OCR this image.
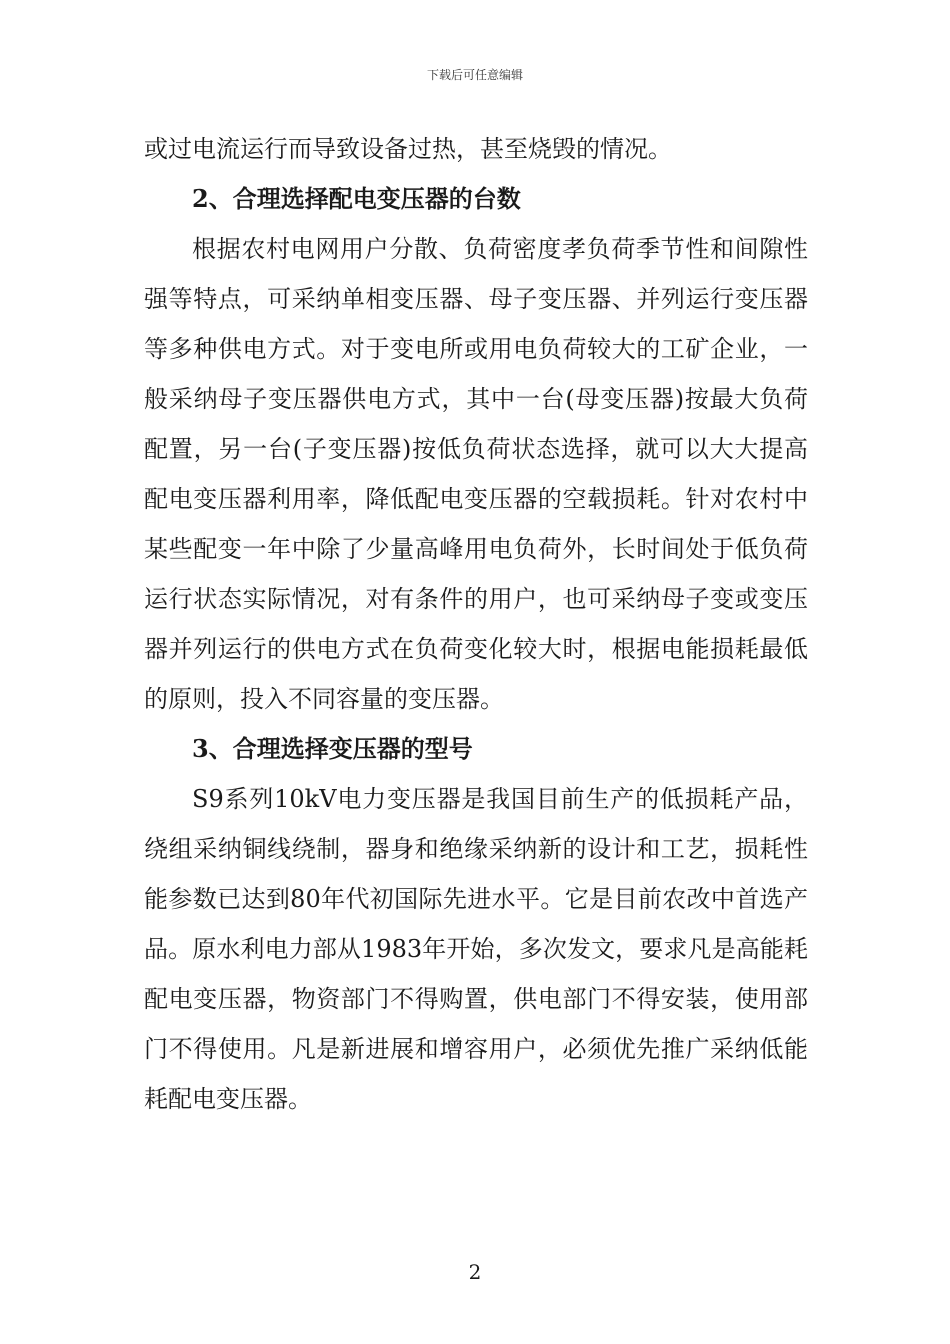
下载后可任意编辑

或过电流运行而导致设备过热，甚至烧毁的情况。

2、合理选择配电变压器的台数

根据农村电网用户分散、负荷密度孝负荷季节性和间隙性强等特点，可采纳单相变压器、母子变压器、并列运行变压器等多种供电方式。对于变电所或用电负荷较大的工矿企业，一般采纳母子变压器供电方式，其中一台(母变压器)按最大负荷配置，另一台(子变压器)按低负荷状态选择，就可以大大提高配电变压器利用率，降低配电变压器的空载损耗。针对农村中某些配变一年中除了少量高峰用电负荷外，长时间处于低负荷运行状态实际情况，对有条件的用户，也可采纳母子变或变压器并列运行的供电方式在负荷变化较大时，根据电能损耗最低的原则，投入不同容量的变压器。

3、合理选择变压器的型号

S9系列10kV电力变压器是我国目前生产的低损耗产品，绕组采纳铜线绕制，器身和绝缘采纳新的设计和工艺，损耗性能参数已达到80年代初国际先进水平。它是目前农改中首选产品。原水利电力部从1983年开始，多次发文，要求凡是高能耗配电变压器，物资部门不得购置，供电部门不得安装，使用部门不得使用。凡是新进展和增容用户，必须优先推广采纳低能耗配电变压器。

2
